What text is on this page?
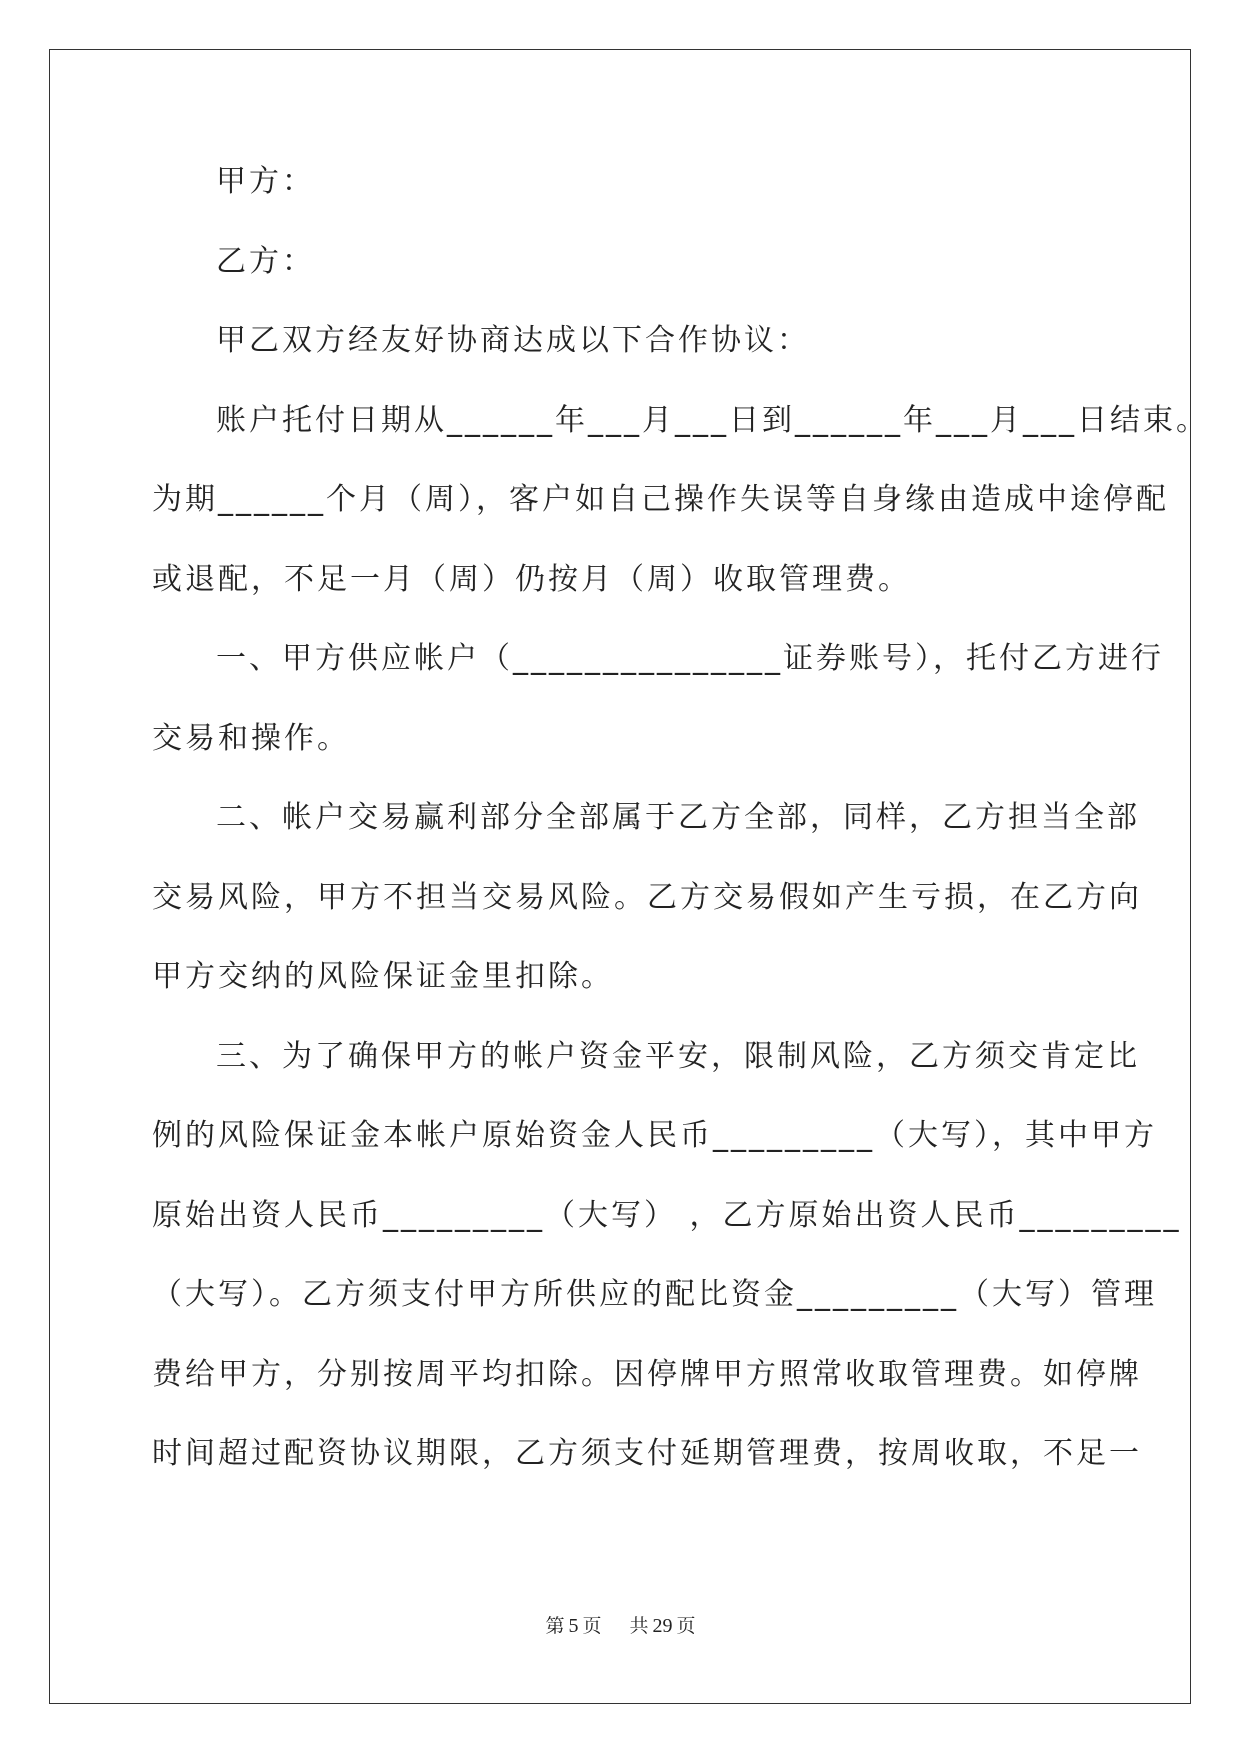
甲方：
乙方：
甲乙双方经友好协商达成以下合作协议：
账户托付日期从______年___月___日到______年___月___日结束。
为期______个月（周），客户如自己操作失误等自身缘由造成中途停配
或退配，不足一月（周）仍按月（周）收取管理费。
一、甲方供应帐户（_______________证券账号），托付乙方进行
交易和操作。
二、帐户交易赢利部分全部属于乙方全部，同样，乙方担当全部
交易风险，甲方不担当交易风险。乙方交易假如产生亏损，在乙方向
甲方交纳的风险保证金里扣除。
三、为了确保甲方的帐户资金平安，限制风险，乙方须交肯定比
例的风险保证金本帐户原始资金人民币_________（大写），其中甲方
原始出资人民币_________（大写） ，乙方原始出资人民币_________
（大写）。乙方须支付甲方所供应的配比资金_________（大写）管理
费给甲方，分别按周平均扣除。因停牌甲方照常收取管理费。如停牌
时间超过配资协议期限，乙方须支付延期管理费，按周收取，不足一
第 5 页 共 29 页
